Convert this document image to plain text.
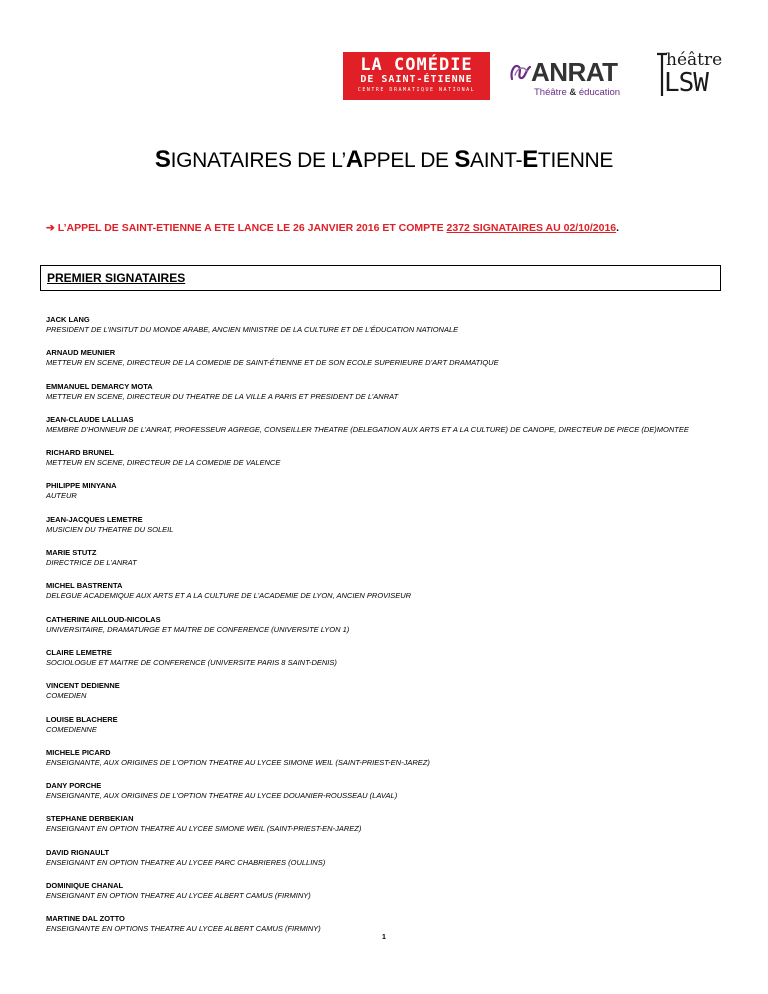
LA COMÉDIE
DE SAINT-ÉTIENNE
CENTRE DRAMATIQUE NATIONAL
ANRAT
Théâtre & éducation
héâtre
LSW
SIGNATAIRES DE L’APPEL DE SAINT-ETIENNE
➔ L’APPEL DE SAINT-ETIENNE A ETE LANCE LE 26 JANVIER 2016 ET COMPTE 2372 SIGNATAIRES AU 02/10/2016.
PREMIER SIGNATAIRES
JACK LANG
PRESIDENT DE L’INSITUT DU MONDE ARABE, ANCIEN MINISTRE DE LA CULTURE ET DE L’ÉDUCATION NATIONALE
ARNAUD MEUNIER
METTEUR EN SCENE, DIRECTEUR DE LA COMEDIE DE SAINT-ÉTIENNE ET DE SON ECOLE SUPERIEURE D’ART DRAMATIQUE
EMMANUEL DEMARCY MOTA
METTEUR EN SCENE, DIRECTEUR DU THEATRE DE LA VILLE A PARIS ET PRESIDENT DE L’ANRAT
JEAN-CLAUDE LALLIAS
MEMBRE D’HONNEUR DE L’ANRAT, PROFESSEUR AGREGE, CONSEILLER THEATRE (DELEGATION AUX ARTS ET A LA CULTURE) DE CANOPE, DIRECTEUR DE PIECE (DE)MONTEE
RICHARD BRUNEL
METTEUR EN SCENE, DIRECTEUR DE LA COMEDIE DE VALENCE
PHILIPPE MINYANA
AUTEUR
JEAN-JACQUES LEMETRE
MUSICIEN DU THEATRE DU SOLEIL
MARIE STUTZ
DIRECTRICE DE L’ANRAT
MICHEL BASTRENTA
DELEGUE ACADEMIQUE AUX ARTS ET A LA CULTURE DE L’ACADEMIE DE LYON, ANCIEN PROVISEUR
CATHERINE AILLOUD-NICOLAS
UNIVERSITAIRE, DRAMATURGE ET MAITRE DE CONFERENCE (UNIVERSITE LYON 1)
CLAIRE LEMETRE
SOCIOLOGUE ET MAITRE DE CONFERENCE (UNIVERSITE PARIS 8 SAINT-DENIS)
VINCENT DEDIENNE
COMEDIEN
LOUISE BLACHERE
COMEDIENNE
MICHELE PICARD
ENSEIGNANTE, AUX ORIGINES DE L’OPTION THEATRE AU LYCEE SIMONE WEIL (SAINT-PRIEST-EN-JAREZ)
DANY PORCHE
ENSEIGNANTE, AUX ORIGINES DE L’OPTION THEATRE AU LYCEE DOUANIER-ROUSSEAU (LAVAL)
STEPHANE DERBEKIAN
ENSEIGNANT EN OPTION THEATRE AU LYCEE SIMONE WEIL (SAINT-PRIEST-EN-JAREZ)
DAVID RIGNAULT
ENSEIGNANT EN OPTION THEATRE AU LYCEE PARC CHABRIERES (OULLINS)
DOMINIQUE CHANAL
ENSEIGNANT EN OPTION THEATRE AU LYCEE ALBERT CAMUS (FIRMINY)
MARTINE DAL ZOTTO
ENSEIGNANTE EN OPTIONS THEATRE AU LYCEE ALBERT CAMUS (FIRMINY)
1
